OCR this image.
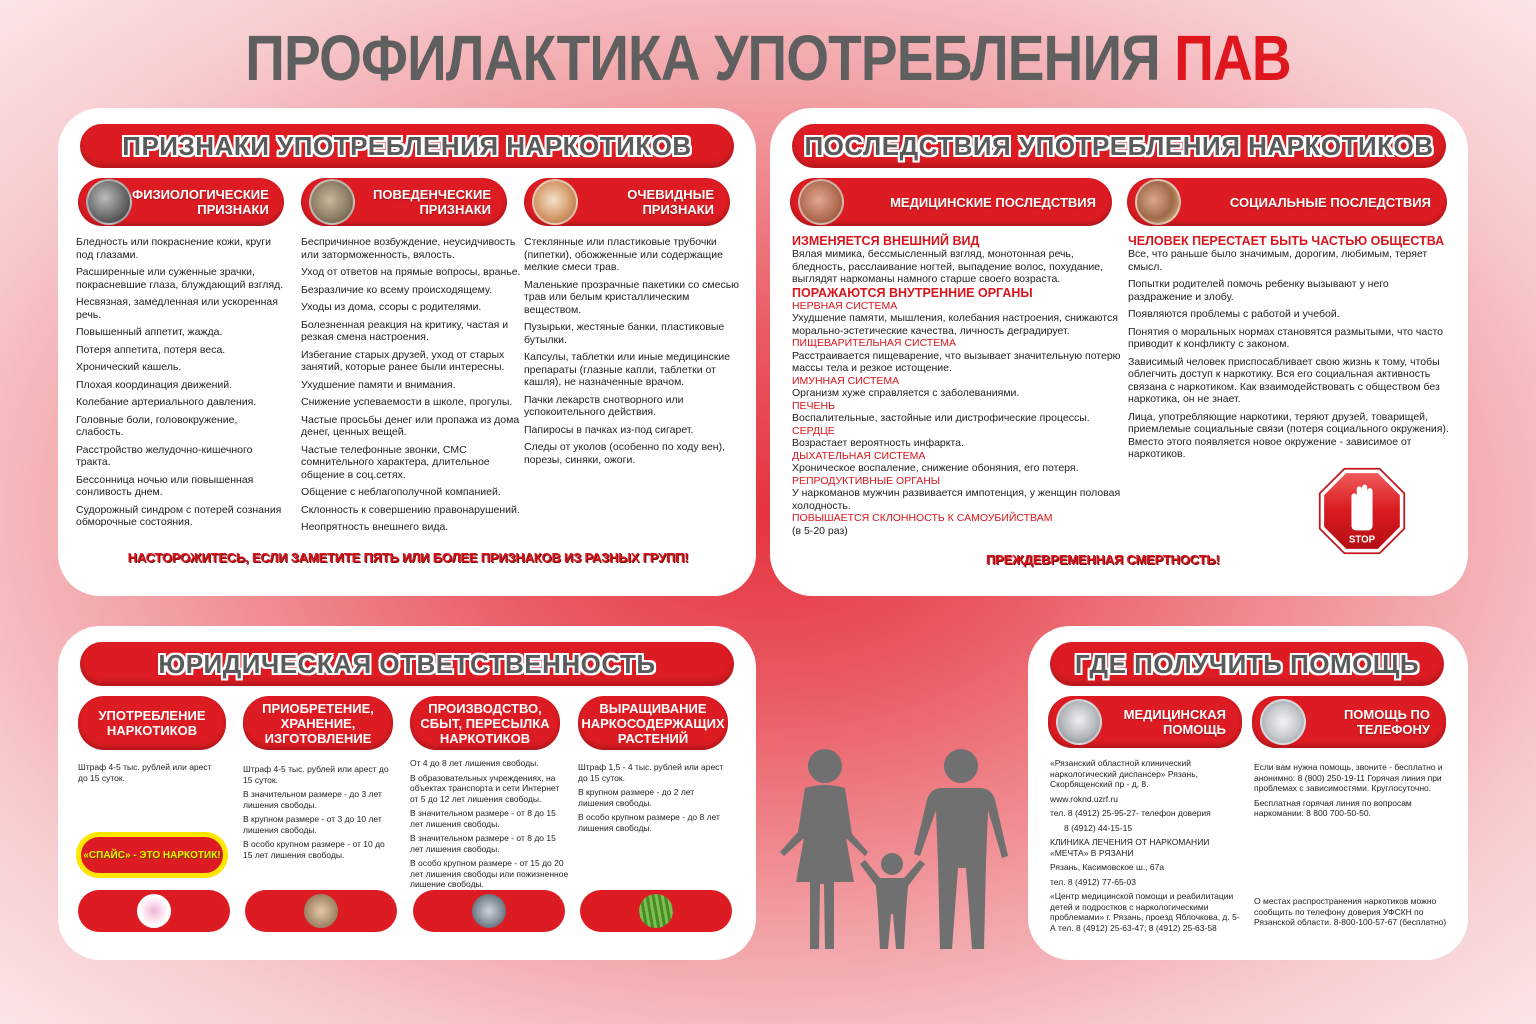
ПРОФИЛАКТИКА УПОТРЕБЛЕНИЯ ПАВ
ПРИЗНАКИ УПОТРЕБЛЕНИЯ НАРКОТИКОВ
ФИЗИОЛОГИЧЕСКИЕ ПРИЗНАКИ
ПОВЕДЕНЧЕСКИЕ ПРИЗНАКИ
ОЧЕВИДНЫЕ ПРИЗНАКИ

Бледность или покраснение кожи, круги под глазами.

Расширенные или суженные зрачки, покрасневшие глаза, блуждающий взгляд.

Несвязная, замедленная или ускоренная речь.

Повышенный аппетит, жажда.

Потеря аппетита, потеря веса.

Хронический кашель.

Плохая координация движений.

Колебание артериального давления.

Головные боли, головокружение, слабость.

Расстройство желудочно-кишечного тракта.

Бессонница ночью или повышенная сонливость днем.

Судорожный синдром с потерей сознания обморочные состояния.

Беспричинное возбуждение, неусидчивость или заторможенность, вялость.

Уход от ответов на прямые вопросы, вранье.

Безразличие ко всему происходящему.

Уходы из дома, ссоры с родителями.

Болезненная реакция на критику, частая и резкая смена настроения.

Избегание старых друзей, уход от старых занятий, которые ранее были интересны.

Ухудшение памяти и внимания.

Снижение успеваемости в школе, прогулы.

Частые просьбы денег или пропажа из дома денег, ценных вещей.

Частые телефонные звонки, СМС сомнительного характера, длительное общение в соц.сетях.

Общение с неблагополучной компанией.

Склонность к совершению правонарушений.

Неопрятность внешнего вида.

Стеклянные или пластиковые трубочки (пипетки), обожженные или содержащие мелкие смеси трав.

Маленькие прозрачные пакетики со смесью трав или белым кристаллическим веществом.

Пузырьки, жестяные банки, пластиковые бутылки.

Капсулы, таблетки или иные медицинские препараты (глазные капли, таблетки от кашля), не назначенные врачом.

Пачки лекарств снотворного или успокоительного действия.

Папиросы в пачках из-под сигарет.

Следы от уколов (особенно по ходу вен), порезы, синяки, ожоги.

НАСТОРОЖИТЕСЬ, ЕСЛИ ЗАМЕТИТЕ ПЯТЬ ИЛИ БОЛЕЕ ПРИЗНАКОВ ИЗ РАЗНЫХ ГРУПП!
ПОСЛЕДСТВИЯ УПОТРЕБЛЕНИЯ НАРКОТИКОВ
МЕДИЦИНСКИЕ ПОСЛЕДСТВИЯ	СОЦИАЛЬНЫЕ ПОСЛЕДСТВИЯ
ИЗМЕНЯЕТСЯ ВНЕШНИЙ ВИД
Вялая мимика, бессмысленный взгляд, монотонная речь, бледность, расслаивание ногтей, выпадение волос, похудание, выглядят наркоманы намного старше своего возраста.
ПОРАЖАЮТСЯ ВНУТРЕННИЕ ОРГАНЫ
НЕРВНАЯ СИСТЕМА
Ухудшение памяти, мышления, колебания настроения, снижаются морально-эстетические качества, личность деградирует.
ПИЩЕВАРИТЕЛЬНАЯ СИСТЕМА
Расстраивается пищеварение, что вызывает значительную потерю массы тела и резкое истощение.
ИМУННАЯ СИСТЕМА
Организм хуже справляется с заболеваниями.
ПЕЧЕНЬ
Воспалительные, застойные или дистрофические процессы.
СЕРДЦЕ
Возрастает вероятность инфаркта.
ДЫХАТЕЛЬНАЯ СИСТЕМА
Хроническое воспаление, снижение обоняния, его потеря.
РЕПРОДУКТИВНЫЕ ОРГАНЫ
У наркоманов мужчин развивается импотенция, у женщин половая холодность.
ПОВЫШАЕТСЯ СКЛОННОСТЬ К САМОУБИЙСТВАМ
(в 5-20 раз)
ЧЕЛОВЕК ПЕРЕСТАЕТ БЫТЬ ЧАСТЬЮ ОБЩЕСТВА

Все, что раньше было значимым, дорогим, любимым, теряет смысл.

Попытки родителей помочь ребенку вызывают у него раздражение и злобу.

Появляются проблемы с работой и учебой.

Понятия о моральных нормах становятся размытыми, что часто приводит к конфликту с законом.

Зависимый человек приспосабливает свою жизнь к тому, чтобы облегчить доступ к наркотику. Вся его социальная активность связана с наркотиком. Как взаимодействовать с обществом без наркотика, он не знает.

Лица, употребляющие наркотики, теряют друзей, товарищей, приемлемые социальные связи (потеря социального окружения). Вместо этого появляется новое окружение - зависимое от наркотиков.

ПРЕЖДЕВРЕМЕННАЯ СМЕРТНОСТЬ!
STOP
ЮРИДИЧЕСКАЯ ОТВЕТСТВЕННОСТЬ
УПОТРЕБЛЕНИЕ НАРКОТИКОВ
ПРИОБРЕТЕНИЕ, ХРАНЕНИЕ, ИЗГОТОВЛЕНИЕ
ПРОИЗВОДСТВО, СБЫТ, ПЕРЕСЫЛКА НАРКОТИКОВ
ВЫРАЩИВАНИЕ НАРКОСОДЕРЖАЩИХ РАСТЕНИЙ

Штраф 4-5 тыс. рублей или арест до 15 суток.

Штраф 4-5 тыс. рублей или арест до 15 суток.

В значительном размере - до 3 лет лишения свободы.

В крупном размере - от 3 до 10 лет лишения свободы.

В особо крупном размере - от 10 до 15 лет лишения свободы.

От 4 до 8 лет лишения свободы.

В образовательных учреждениях, на объектах транспорта и сети Интернет от 5 до 12 лет лишения свободы.

В значительном размере - от 8 до 15 лет лишения свободы.

В значительном размере - от 8 до 15 лет лишения свободы.

В особо крупном размере - от 15 до 20 лет лишения свободы или пожизненное лишение свободы.

Штраф 1,5 - 4 тыс. рублей или арест до 15 суток.

В крупном размере - до 2 лет лишения свободы.

В особо крупном размере - до 8 лет лишения свободы.

«СПАЙС» - ЭТО НАРКОТИК!
ГДЕ ПОЛУЧИТЬ ПОМОЩЬ
МЕДИЦИНСКАЯ ПОМОЩЬ
ПОМОЩЬ ПО ТЕЛЕФОНУ

«Рязанский областной клинический наркологический диспансер» Рязань, Скорбященский пр - д, 8.

www.roknd.uzrf.ru

тел. 8 (4912) 25-95-27- телефон доверия

8 (4912) 44-15-15

КЛИНИКА ЛЕЧЕНИЯ ОТ НАРКОМАНИИ «МЕЧТА» В РЯЗАНИ

Рязань, Касимовское ш., 67а

тел. 8 (4912) 77-65-03

«Центр медицинской помощи и реабилитации детей и подростков с наркологическими проблемами» г. Рязань, проезд Яблочкова, д. 5-А тел. 8 (4912) 25-63-47; 8 (4912) 25-63-58

Если вам нужна помощь, звоните - бесплатно и анонимно: 8 (800) 250-19-11 Горячая линия при проблемах с зависимостями. Круглосуточно.

Бесплатная горячая линия по вопросам наркомании: 8 800 700-50-50.

О местах распространения наркотиков можно сообщить по телефону доверия УФСКН по Рязанской области. 8-800-100-57-67 (бесплатно)
